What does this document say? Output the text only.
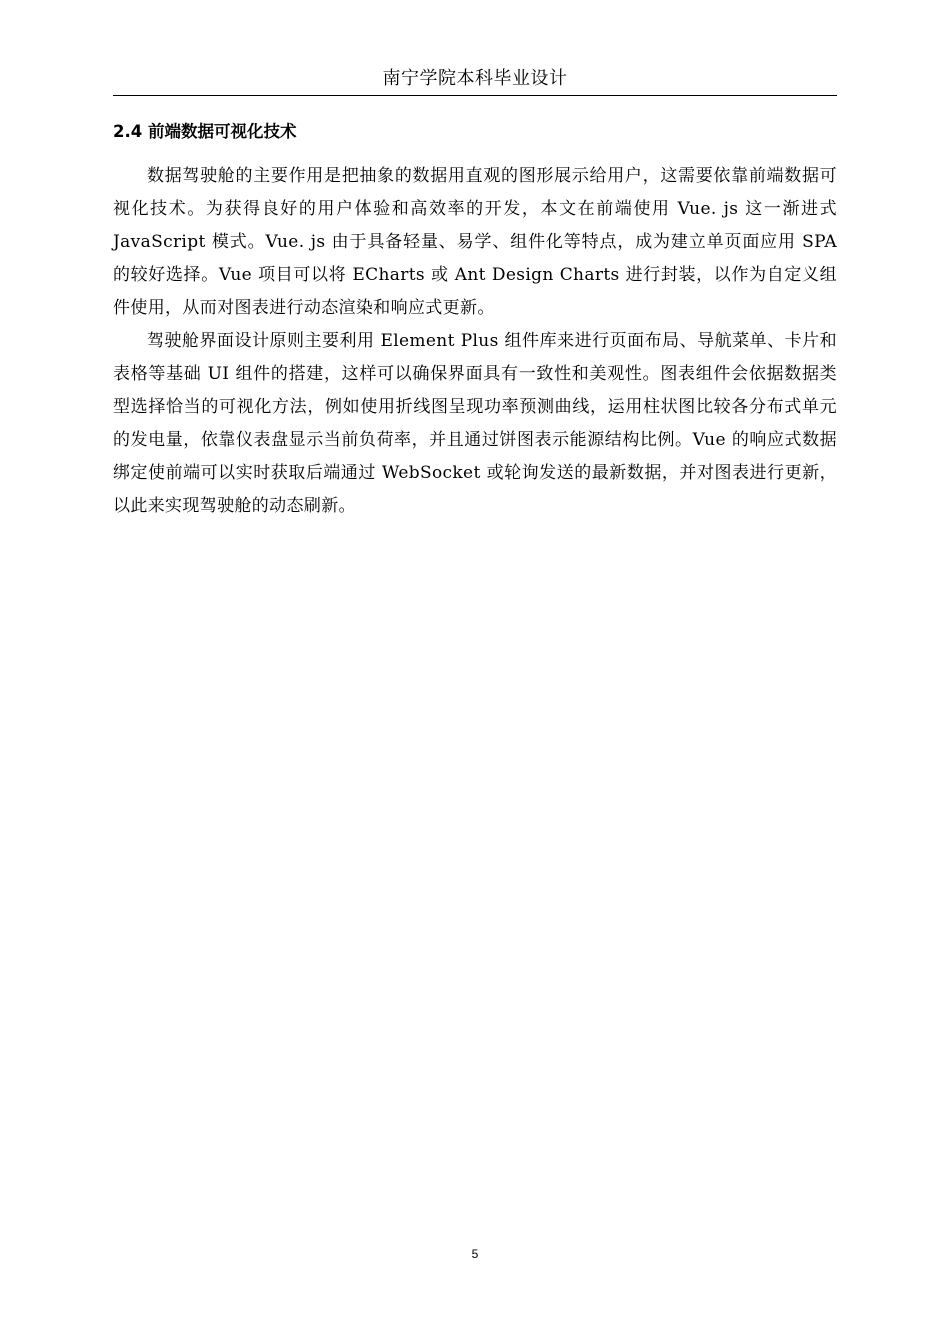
南宁学院本科毕业设计
2.4 前端数据可视化技术

数据驾驶舱的主要作用是把抽象的数据用直观的图形展示给用户，这需要依靠前端数据可视化技术。为获得良好的用户体验和高效率的开发，本文在前端使用 Vue. js 这一渐进式 JavaScript 模式。Vue. js 由于具备轻量、易学、组件化等特点，成为建立单页面应用 SPA 的较好选择。Vue 项目可以将 ECharts 或 Ant Design Charts 进行封装，以作为自定义组件使用，从而对图表进行动态渲染和响应式更新。

驾驶舱界面设计原则主要利用 Element Plus 组件库来进行页面布局、导航菜单、卡片和表格等基础 UI 组件的搭建，这样可以确保界面具有一致性和美观性。图表组件会依据数据类型选择恰当的可视化方法，例如使用折线图呈现功率预测曲线，运用柱状图比较各分布式单元的发电量，依靠仪表盘显示当前负荷率，并且通过饼图表示能源结构比例。Vue 的响应式数据绑定使前端可以实时获取后端通过 WebSocket 或轮询发送的最新数据，并对图表进行更新，以此来实现驾驶舱的动态刷新。

5
